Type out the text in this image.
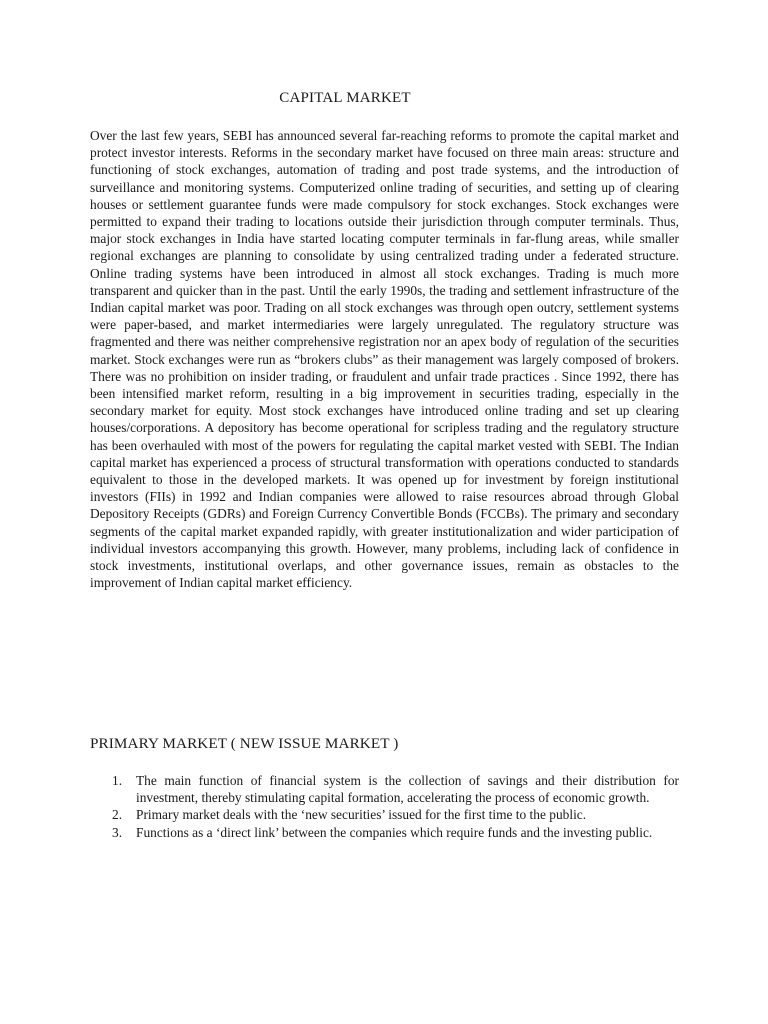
CAPITAL MARKET

Over the last few years, SEBI has announced several far-reaching reforms to promote the capital market and protect investor interests. Reforms in the secondary market have focused on three main areas: structure and functioning of stock exchanges, automation of trading and post trade systems, and the introduction of surveillance and monitoring systems. Computerized online trading of securities, and setting up of clearing houses or settlement guarantee funds were made compulsory for stock exchanges. Stock exchanges were permitted to expand their trading to locations outside their jurisdiction through computer terminals. Thus, major stock exchanges in India have started locating computer terminals in far-flung areas, while smaller regional exchanges are planning to consolidate by using centralized trading under a federated structure. Online trading systems have been introduced in almost all stock exchanges. Trading is much more transparent and quicker than in the past. Until the early 1990s, the trading and settlement infrastructure of the Indian capital market was poor. Trading on all stock exchanges was through open outcry, settlement systems were paper-based, and market intermediaries were largely unregulated. The regulatory structure was fragmented and there was neither comprehensive registration nor an apex body of regulation of the securities market. Stock exchanges were run as “brokers clubs” as their management was largely composed of brokers. There was no prohibition on insider trading, or fraudulent and unfair trade practices . Since 1992, there has been intensified market reform, resulting in a big improvement in securities trading, especially in the secondary market for equity. Most stock exchanges have introduced online trading and set up clearing houses/corporations. A depository has become operational for scripless trading and the regulatory structure has been overhauled with most of the powers for regulating the capital market vested with SEBI. The Indian capital market has experienced a process of structural transformation with operations conducted to standards equivalent to those in the developed markets. It was opened up for investment by foreign institutional investors (FIIs) in 1992 and Indian companies were allowed to raise resources abroad through Global Depository Receipts (GDRs) and Foreign Currency Convertible Bonds (FCCBs). The primary and secondary segments of the capital market expanded rapidly, with greater institutionalization and wider participation of individual investors accompanying this growth. However, many problems, including lack of confidence in stock investments, institutional overlaps, and other governance issues, remain as obstacles to the improvement of Indian capital market efficiency.

PRIMARY MARKET ( NEW ISSUE MARKET )
1. The main function of financial system is the collection of savings and their distribution for investment, thereby stimulating capital formation, accelerating the process of economic growth.
2. Primary market deals with the ‘new securities’ issued for the first time to the public.
3. Functions as a ‘direct link’ between the companies which require funds and the investing public.
